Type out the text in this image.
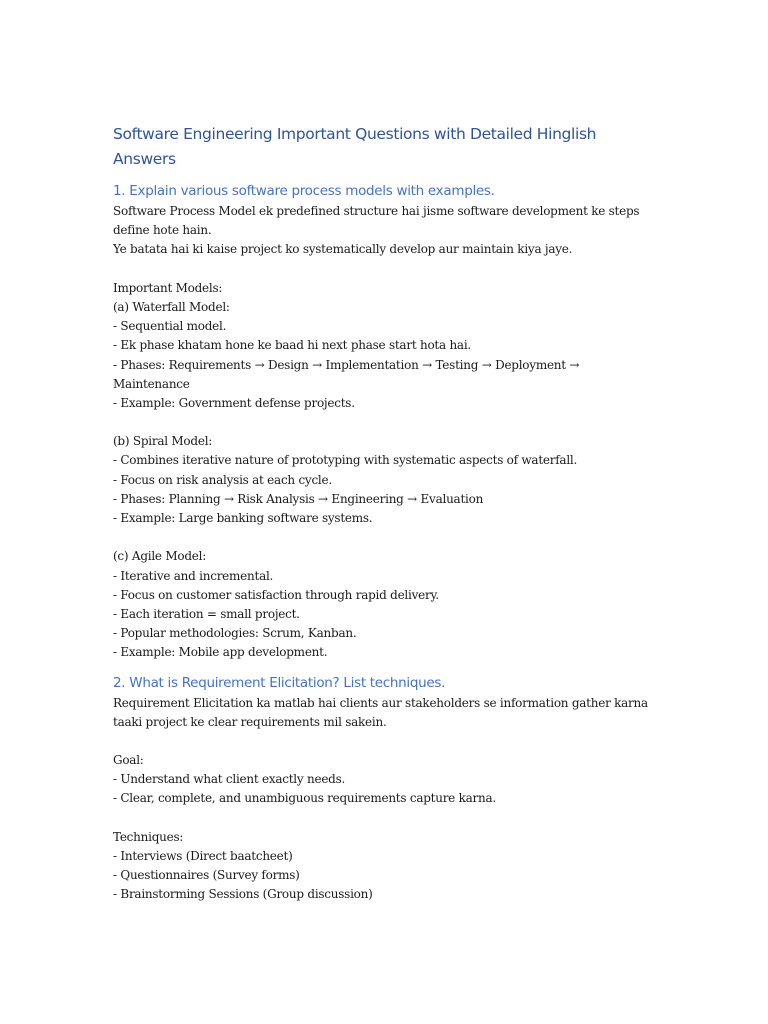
Software Engineering Important Questions with Detailed Hinglish
Answers
1. Explain various software process models with examples.

Software Process Model ek predefined structure hai jisme software development ke steps

define hote hain.

Ye batata hai ki kaise project ko systematically develop aur maintain kiya jaye.

Important Models:

(a) Waterfall Model:

- Sequential model.

- Ek phase khatam hone ke baad hi next phase start hota hai.

- Phases: Requirements → Design → Implementation → Testing → Deployment →

Maintenance

- Example: Government defense projects.

(b) Spiral Model:

- Combines iterative nature of prototyping with systematic aspects of waterfall.

- Focus on risk analysis at each cycle.

- Phases: Planning → Risk Analysis → Engineering → Evaluation

- Example: Large banking software systems.

(c) Agile Model:

- Iterative and incremental.

- Focus on customer satisfaction through rapid delivery.

- Each iteration = small project.

- Popular methodologies: Scrum, Kanban.

- Example: Mobile app development.

2. What is Requirement Elicitation? List techniques.

Requirement Elicitation ka matlab hai clients aur stakeholders se information gather karna

taaki project ke clear requirements mil sakein.

Goal:

- Understand what client exactly needs.

- Clear, complete, and unambiguous requirements capture karna.

Techniques:

- Interviews (Direct baatcheet)

- Questionnaires (Survey forms)

- Brainstorming Sessions (Group discussion)
